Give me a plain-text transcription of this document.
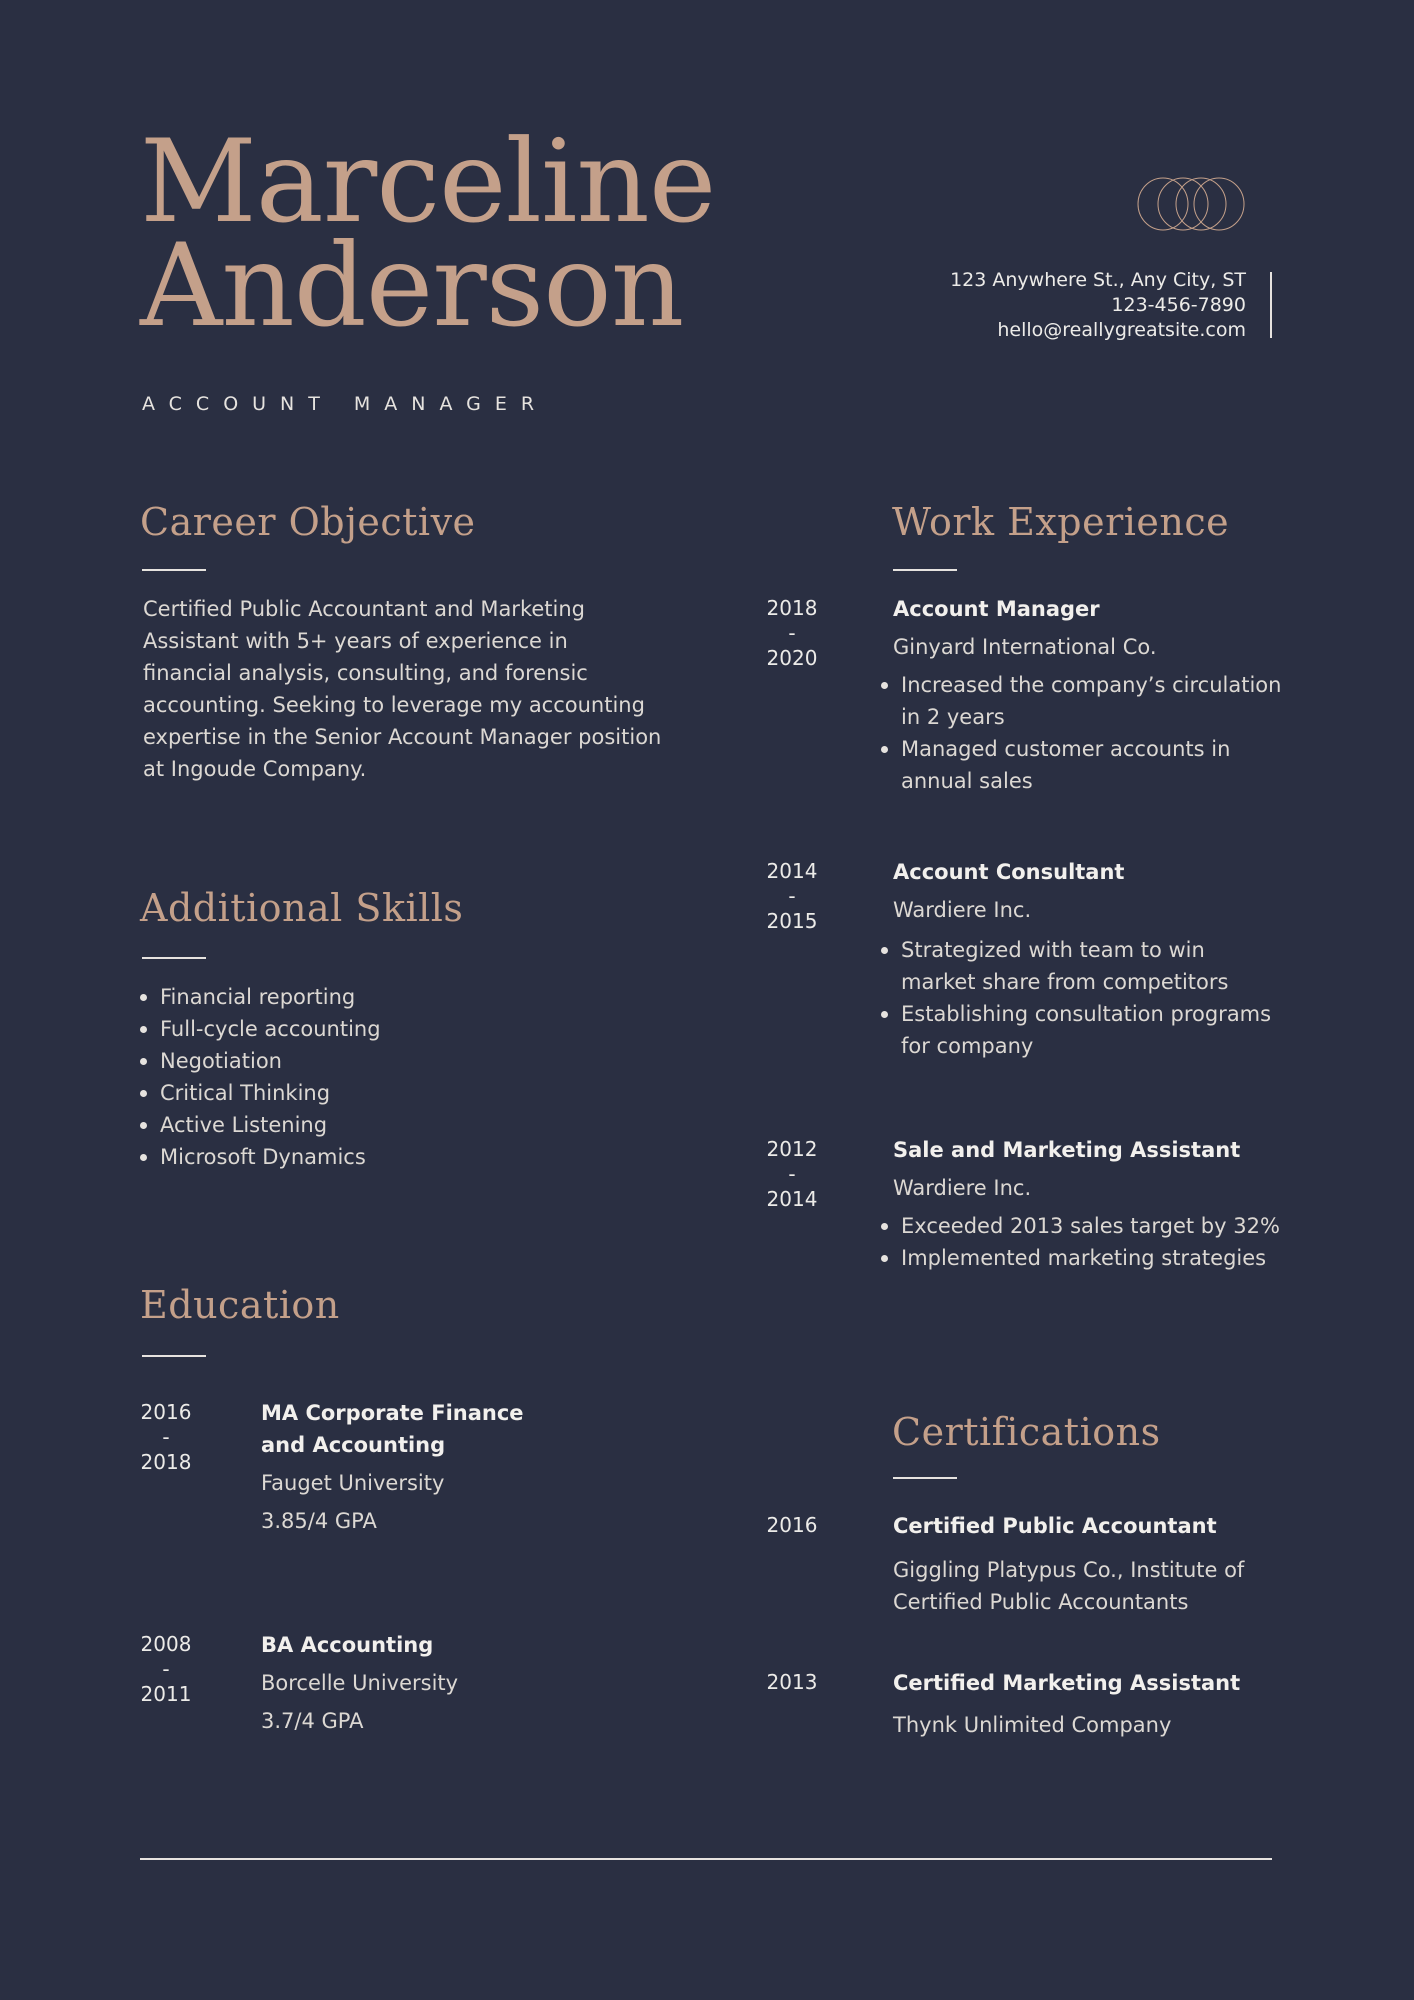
Marceline
Anderson
ACCOUNT MANAGER
123 Anywhere St., Any City, ST
123-456-7890
hello@reallygreatsite.com
Career Objective

Certified Public Accountant and Marketing Assistant with 5+ years of experience in financial analysis, consulting, and forensic accounting. Seeking to leverage my accounting expertise in the Senior Account Manager position at Ingoude Company.

Additional Skills
Financial reporting
Full-cycle accounting
Negotiation
Critical Thinking
Active Listening
Microsoft Dynamics
Education
2016
-
2018
MA Corporate Finance and Accounting
Fauget University
3.85/4 GPA
2008
-
2011
BA Accounting
Borcelle University
3.7/4 GPA
Work Experience
2018
-
2020
Account Manager
Ginyard International Co.
Increased the company’s circulation in 2 years
Managed customer accounts in annual sales
2014
-
2015
Account Consultant
Wardiere Inc.
Strategized with team to win market share from competitors
Establishing consultation programs for company
2012
-
2014
Sale and Marketing Assistant
Wardiere Inc.
Exceeded 2013 sales target by 32%
Implemented marketing strategies
Certifications
2016	Certified Public Accountant
Giggling Platypus Co., Institute of Certified Public Accountants
2013	Certified Marketing Assistant
Thynk Unlimited Company
